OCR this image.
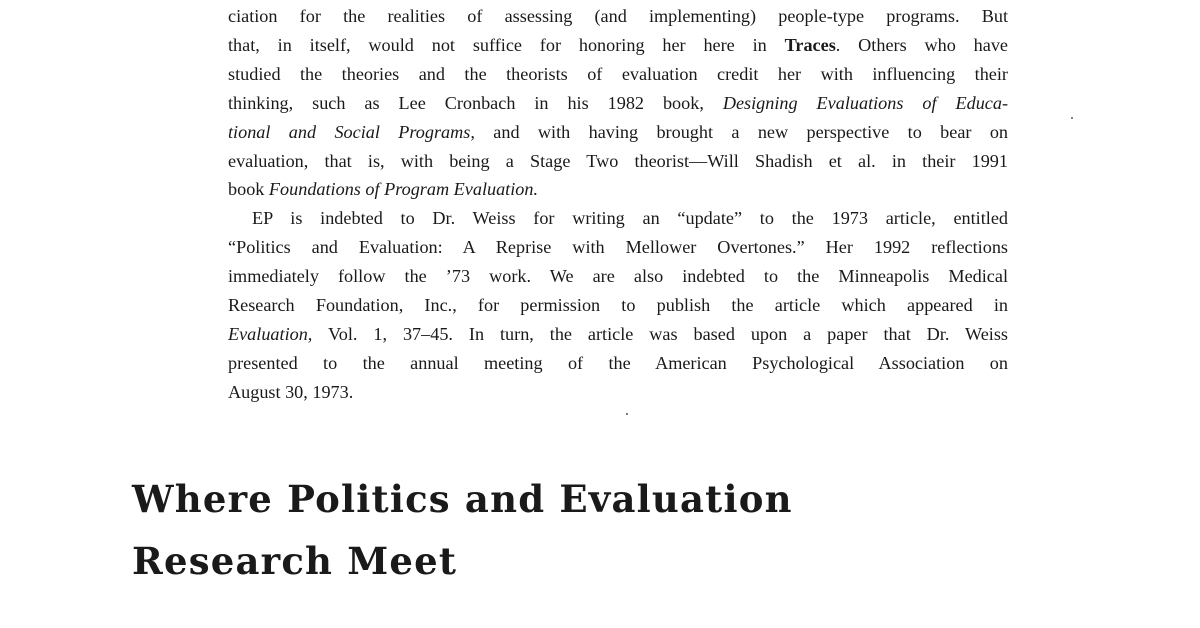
ciation for the realities of assessing (and implementing) people-type programs. But
that, in itself, would not suffice for honoring her here in Traces. Others who have
studied the theories and the theorists of evaluation credit her with influencing their
thinking, such as Lee Cronbach in his 1982 book, Designing Evaluations of Educa-
tional and Social Programs, and with having brought a new perspective to bear on
evaluation, that is, with being a Stage Two theorist—Will Shadish et al. in their 1991
book Foundations of Program Evaluation.

EP is indebted to Dr. Weiss for writing an “update” to the 1973 article, entitled
“Politics and Evaluation: A Reprise with Mellower Overtones.” Her 1992 reflections
immediately follow the ’73 work. We are also indebted to the Minneapolis Medical
Research Foundation, Inc., for permission to publish the article which appeared in
Evaluation, Vol. 1, 37–45. In turn, the article was based upon a paper that Dr. Weiss
presented to the annual meeting of the American Psychological Association on
August 30, 1973.

Where Politics and Evaluation
Research Meet
